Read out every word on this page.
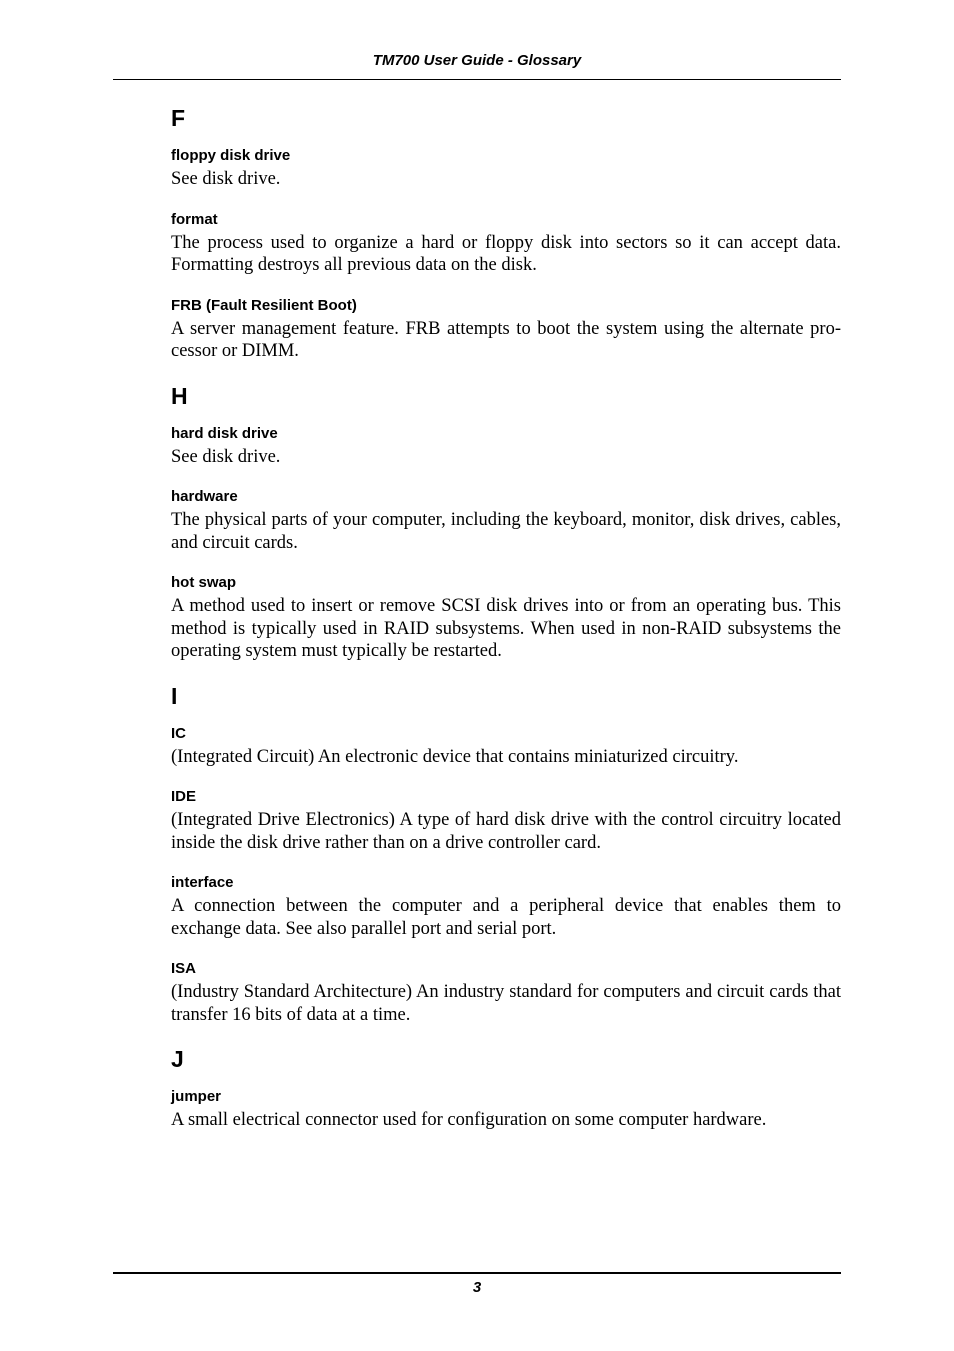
TM700 User Guide - Glossary
F
floppy disk drive

See disk drive.

format

The process used to organize a hard or floppy disk into sectors so it can accept data. Formatting destroys all previous data on the disk.

FRB (Fault Resilient Boot)

A server management feature. FRB attempts to boot the system using the alternate pro-cessor or DIMM.

H
hard disk drive

See disk drive.

hardware

The physical parts of your computer, including the keyboard, monitor, disk drives, cables, and circuit cards.

hot swap

A method used to insert or remove SCSI disk drives into or from an operating bus. This method is typically used in RAID subsystems. When used in non-RAID subsystems the operating system must typically be restarted.

I
IC

(Integrated Circuit) An electronic device that contains miniaturized circuitry.

IDE

(Integrated Drive Electronics) A type of hard disk drive with the control circuitry located inside the disk drive rather than on a drive controller card.

interface

A connection between the computer and a peripheral device that enables them to exchange data. See also parallel port and serial port.

ISA

(Industry Standard Architecture) An industry standard for computers and circuit cards that transfer 16 bits of data at a time.

J
jumper

A small electrical connector used for configuration on some computer hardware.

3
